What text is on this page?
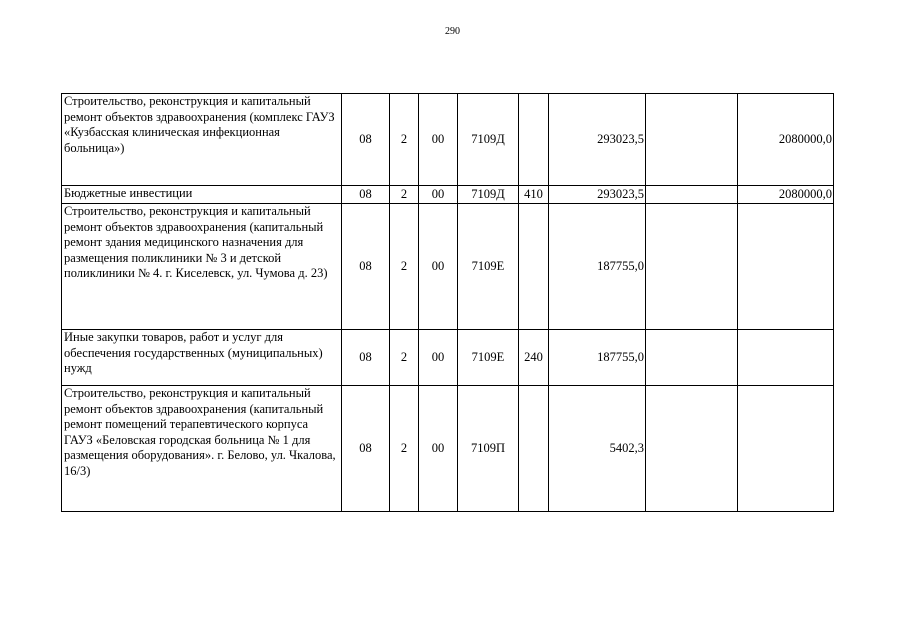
290
Строительство, реконструкция и капитальный ремонт объектов здравоохранения (комплекс ГАУЗ «Кузбасская клиническая инфекционная больница»)	08	2	00	7109Д		293023,5		2080000,0
Бюджетные инвестиции	08	2	00	7109Д	410	293023,5		2080000,0
Строительство, реконструкция и капитальный ремонт объектов здравоохранения (капитальный ремонт здания медицинского назначения для размещения поликлиники № 3 и детской поликлиники № 4. г. Киселевск, ул. Чумова д. 23)	08	2	00	7109Е		187755,0		
Иные закупки товаров, работ и услуг для обеспечения государственных (муниципальных) нужд	08	2	00	7109Е	240	187755,0		
Строительство, реконструкция и капитальный ремонт объектов здравоохранения (капитальный ремонт помещений терапевтического корпуса ГАУЗ «Беловская городская больница № 1 для размещения оборудования». г. Белово, ул. Чкалова, 16/3)	08	2	00	7109П		5402,3		
